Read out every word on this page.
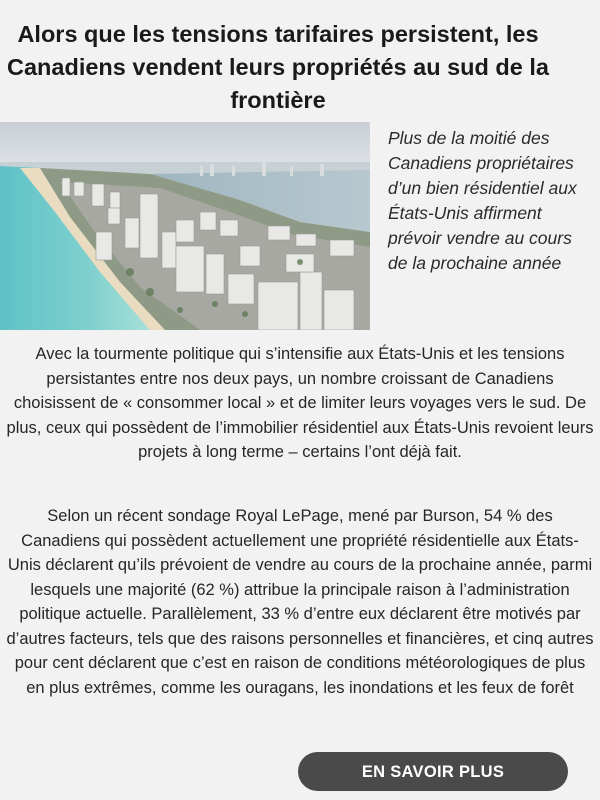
Alors que les tensions tarifaires persistent, les Canadiens vendent leurs propriétés au sud de la frontière
Plus de la moitié des Canadiens propriétaires d’un bien résidentiel aux États-Unis affirment prévoir vendre au cours de la prochaine année

Avec la tourmente politique qui s’intensifie aux États-Unis et les tensions persistantes entre nos deux pays, un nombre croissant de Canadiens choisissent de « consommer local » et de limiter leurs voyages vers le sud. De plus, ceux qui possèdent de l’immobilier résidentiel aux États-Unis revoient leurs projets à long terme – certains l’ont déjà fait.

Selon un récent sondage Royal LePage, mené par Burson, 54 % des Canadiens qui possèdent actuellement une propriété résidentielle aux États-Unis déclarent qu’ils prévoient de vendre au cours de la prochaine année, parmi lesquels une majorité (62 %) attribue la principale raison à l’administration politique actuelle. Parallèlement, 33 % d’entre eux déclarent être motivés par d’autres facteurs, tels que des raisons personnelles et financières, et cinq autres pour cent déclarent que c’est en raison de conditions météorologiques de plus en plus extrêmes, comme les ouragans, les inondations et les feux de forêt

EN SAVOIR PLUS
